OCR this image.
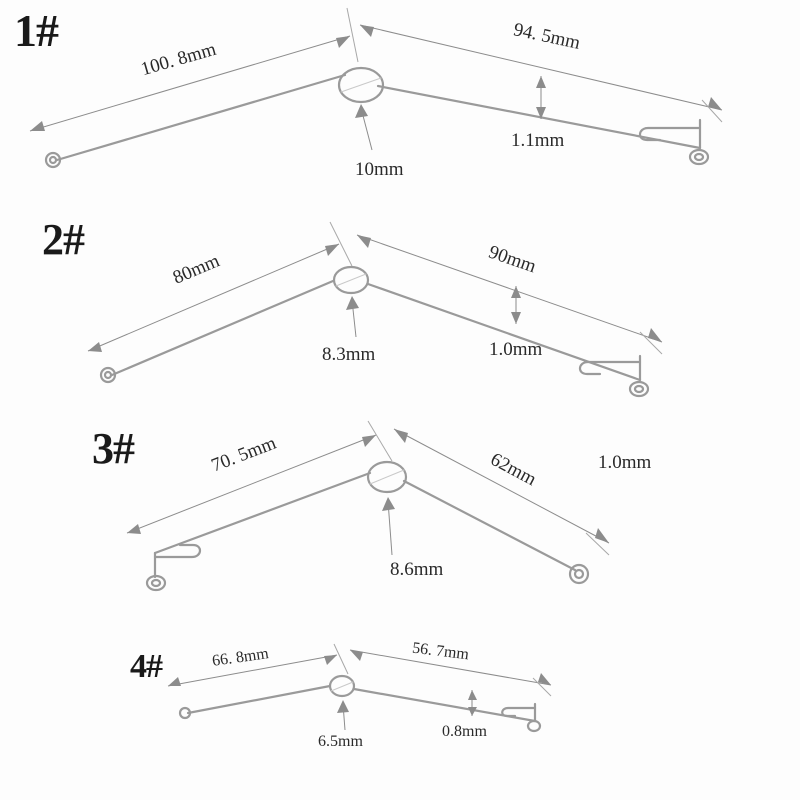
1#
100. 8mm
94. 5mm
10mm
1.1mm
2#
80mm	90mm
8.3mm	1.0mm
3#	70. 5mm	62mm
8.6mm
1.0mm
4#	66. 8mm	56. 7mm
6.5mm
0.8mm
